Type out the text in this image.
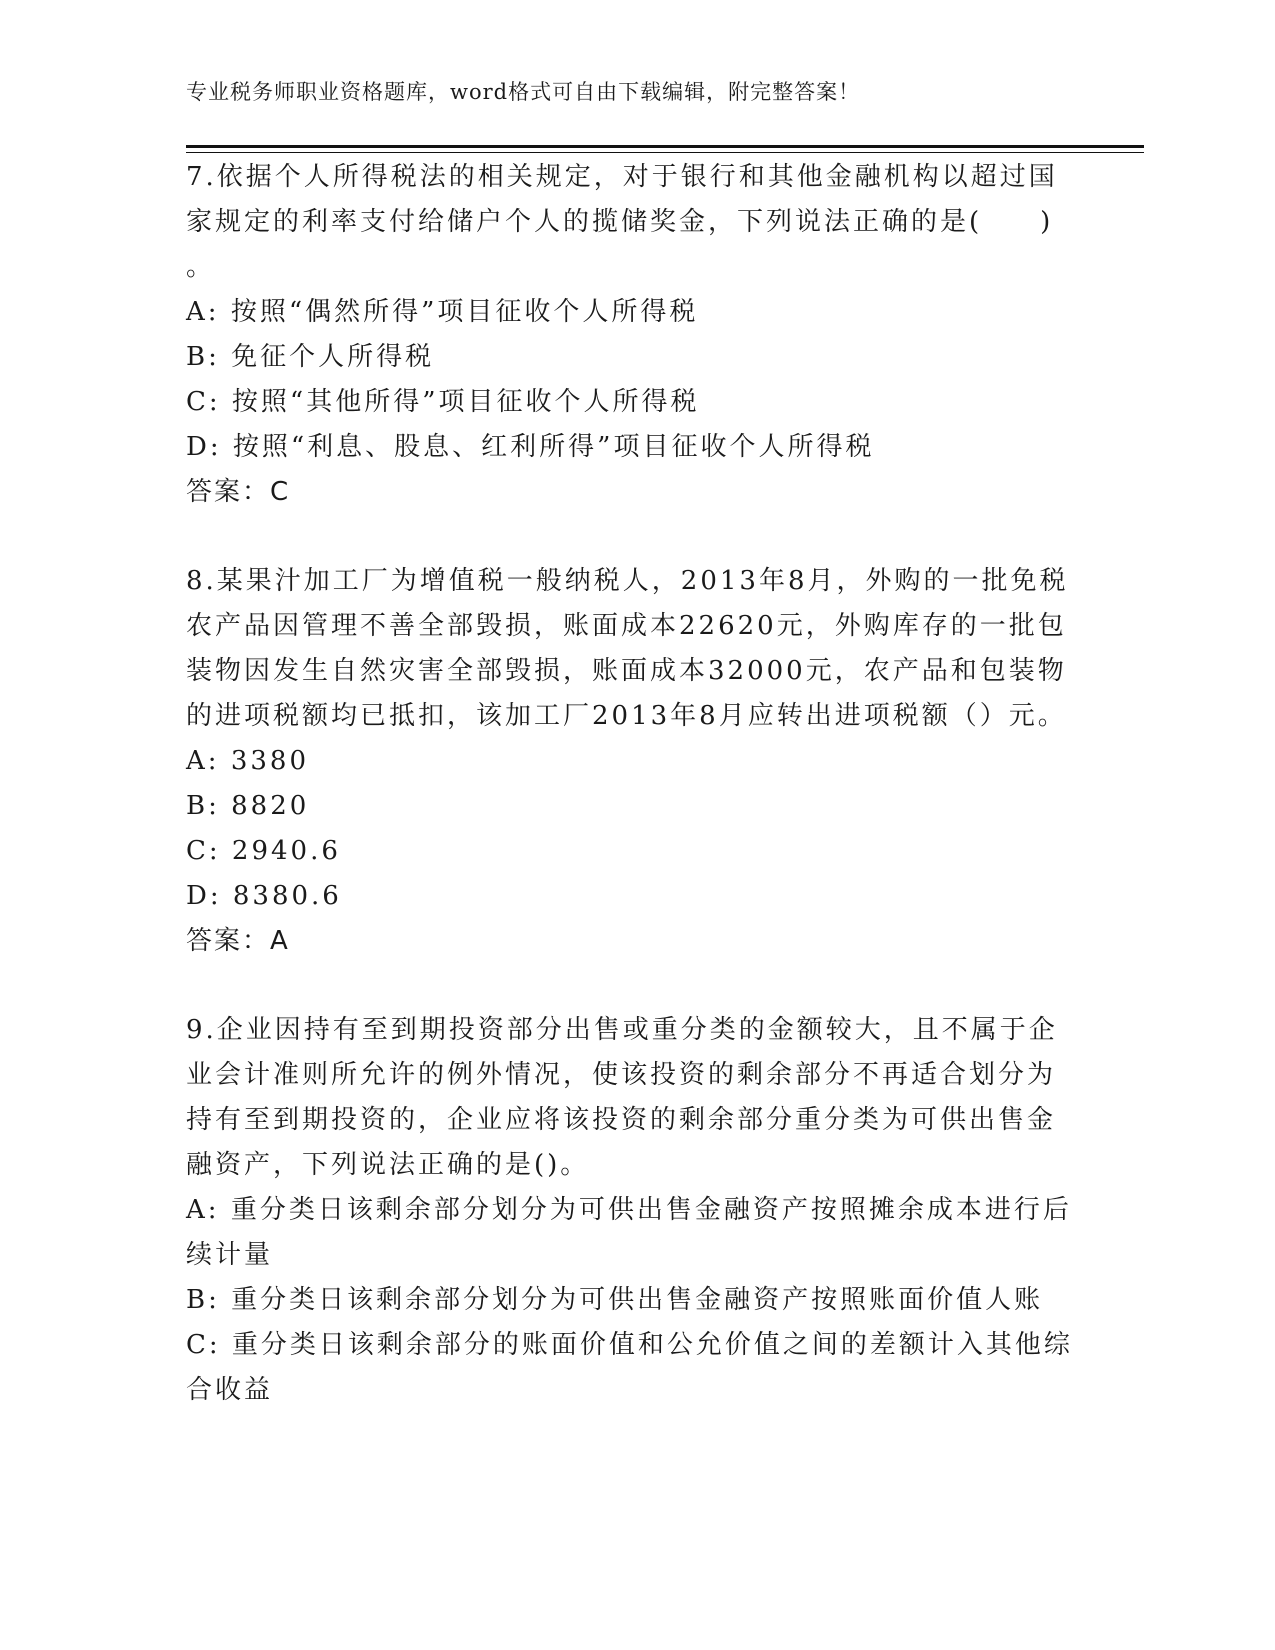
专业税务师职业资格题库，word格式可自由下载编辑，附完整答案！

7.依据个人所得税法的相关规定，对于银行和其他金融机构以超过国

家规定的利率支付给储户个人的揽储奖金，下列说法正确的是(　　)

。

A:
按照“偶然所得”项目征收个人所得税
B:
免征个人所得税
C:
按照“其他所得”项目征收个人所得税
D:
按照“利息、股息、红利所得”项目征收个人所得税

答案：C

8.某果汁加工厂为增值税一般纳税人，2013年8月，外购的一批免税

农产品因管理不善全部毁损，账面成本22620元，外购库存的一批包

装物因发生自然灾害全部毁损，账面成本32000元，农产品和包装物

的进项税额均已抵扣，该加工厂2013年8月应转出进项税额（）元。

A:
3380
B:
8820
C:
2940.6
D:
8380.6

答案：A

9.企业因持有至到期投资部分出售或重分类的金额较大，且不属于企

业会计准则所允许的例外情况，使该投资的剩余部分不再适合划分为

持有至到期投资的，企业应将该投资的剩余部分重分类为可供出售金

融资产，下列说法正确的是()。

A: 重分类日该剩余部分划分为可供出售金融资产按照摊余成本进行后

续计量

B:
重分类日该剩余部分划分为可供出售金融资产按照账面价值人账

C: 重分类日该剩余部分的账面价值和公允价值之间的差额计入其他综

合收益
